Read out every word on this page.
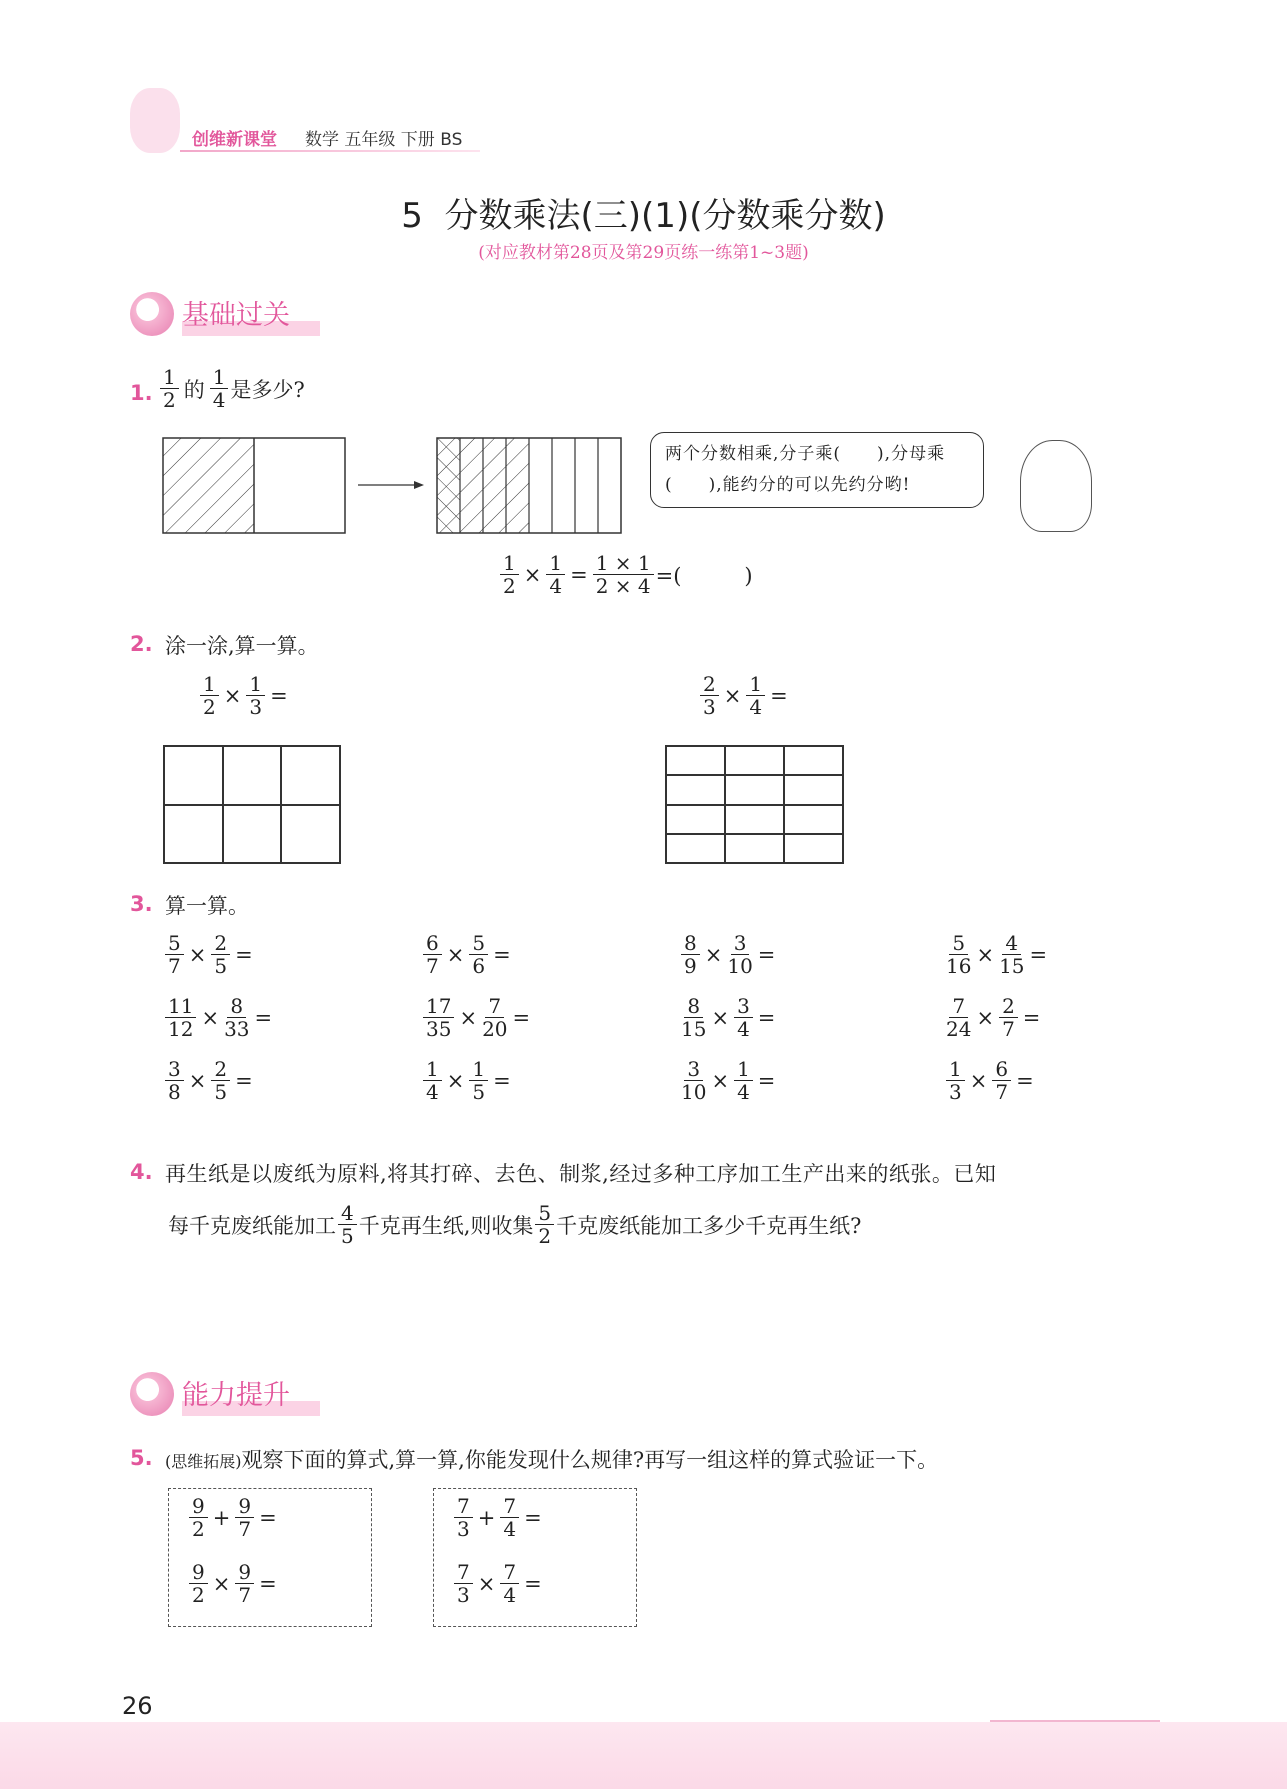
创维新课堂 数学 五年级 下册 BS
5  分数乘法(三)(1)(分数乘分数)
(对应教材第28页及第29页练一练第1~3题)
基础过关
1. $\frac{1}{2}$ 的 $\frac{1}{4}$ 是多少?
两个分数相乘,分子乘(　　),分母乘(　　),能约分的可以先约分哟!
$\frac{1}{2} \times \frac{1}{4} = \frac{1 \times 1}{2 \times 4}$ =(　　　)
2. 涂一涂,算一算。
$\frac{1}{2} \times \frac{1}{3}$ =	$\frac{2}{3} \times \frac{1}{4}$ =
3. 算一算。
$\frac{5}{7} \times \frac{2}{5}$ =	$\frac{6}{7} \times \frac{5}{6}$ =	$\frac{8}{9} \times \frac{3}{10}$ =	$\frac{5}{16} \times \frac{4}{15}$ =
$\frac{11}{12} \times \frac{8}{33}$ =	$\frac{17}{35} \times \frac{7}{20}$ =	$\frac{8}{15} \times \frac{3}{4}$ =	$\frac{7}{24} \times \frac{2}{7}$ =
$\frac{3}{8} \times \frac{2}{5}$ =	$\frac{1}{4} \times \frac{1}{5}$ =	$\frac{3}{10} \times \frac{1}{4}$ =	$\frac{1}{3} \times \frac{6}{7}$ =
4. 再生纸是以废纸为原料,将其打碎、去色、制浆,经过多种工序加工生产出来的纸张。已知
每千克废纸能加工 $\frac{4}{5}$ 千克再生纸,则收集 $\frac{5}{2}$ 千克废纸能加工多少千克再生纸?
能力提升
5. (思维拓展)观察下面的算式,算一算,你能发现什么规律?再写一组这样的算式验证一下。
$\frac{9}{2} + \frac{9}{7}$ =
$\frac{9}{2} \times \frac{9}{7}$ =
$\frac{7}{3} + \frac{7}{4}$ =
$\frac{7}{3} \times \frac{7}{4}$ =
26
